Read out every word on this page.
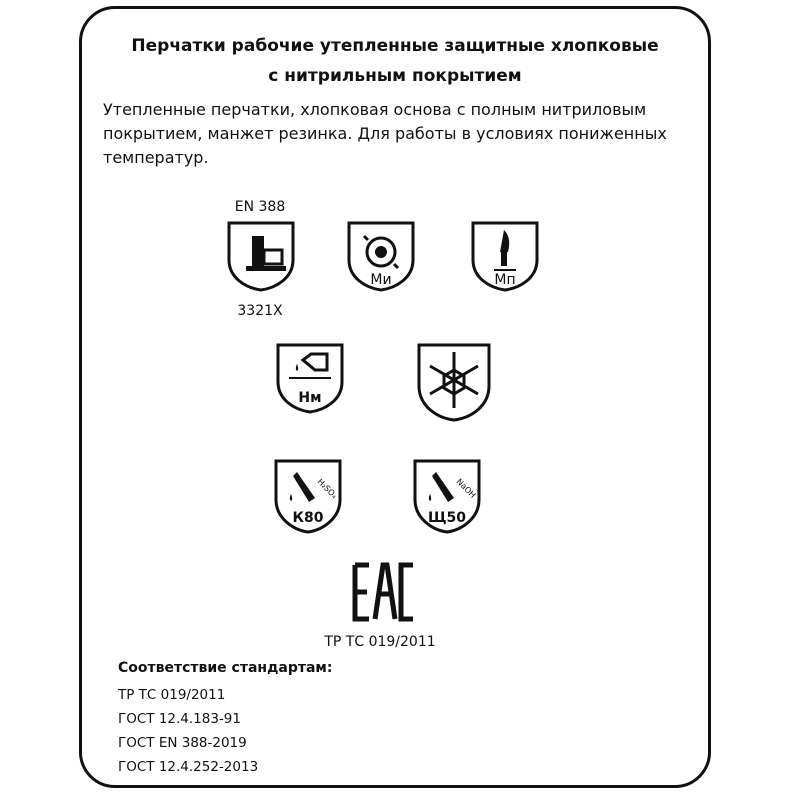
Перчатки рабочие утепленные защитные хлопковые
с нитрильным покрытием
Утепленные перчатки, хлопковая основа с полным нитриловым покрытием, манжет резинка. Для работы в условиях пониженных температур.
EN 388
3321X
Ми	Мп
Нм
H₂SO₄
К80
NaOH
Щ50
ТР ТС 019/2011
Соответствие стандартам:
ТР ТС 019/2011
ГОСТ 12.4.183-91
ГОСТ EN 388-2019
ГОСТ 12.4.252-2013
